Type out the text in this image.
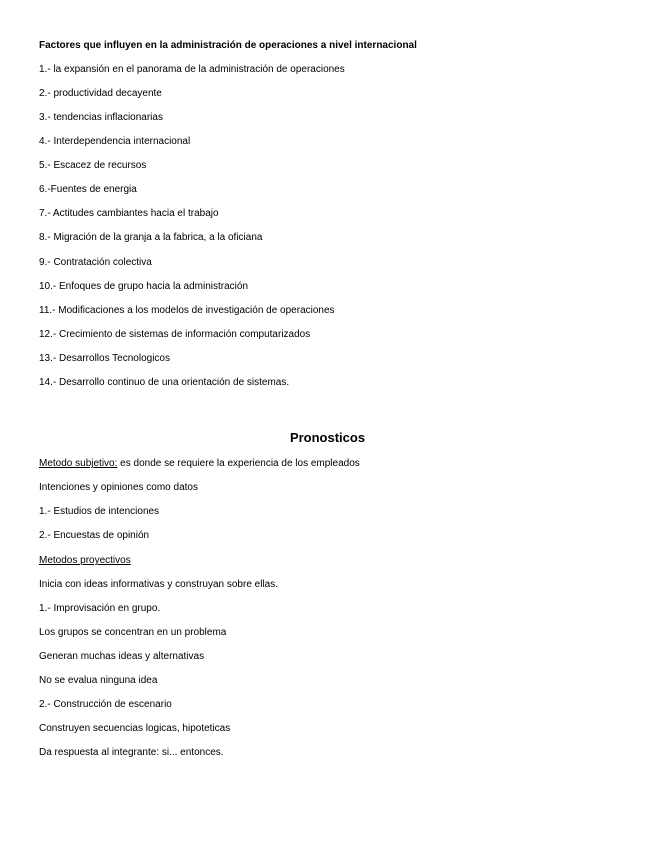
Factores que influyen en la administración de operaciones a nivel internacional
1.- la expansión en el panorama de la administración de operaciones
2.- productividad decayente
3.- tendencias inflacionarias
4.- Interdependencia internacional
5.- Escacez de recursos
6.-Fuentes de energia
7.- Actitudes cambiantes hacia el trabajo
8.- Migración de la granja a la fabrica, a la oficiana
9.- Contratación colectiva
10.- Enfoques de grupo hacia la administración
11.- Modificaciones a los modelos de investigación de operaciones
12.- Crecimiento de sistemas de información computarizados
13.- Desarrollos Tecnologicos
14.- Desarrollo continuo de una orientación de sistemas.
Pronosticos
Metodo subjetivo: es donde se requiere la experiencia de los empleados
Intenciones y opiniones como datos
1.- Estudios de intenciones
2.- Encuestas de opinión
Metodos proyectivos
Inicia con ideas informativas y construyan sobre ellas.
1.- Improvisación en grupo.
Los grupos se concentran en un problema
Generan muchas ideas y alternativas
No se evalua ninguna idea
2.- Construcción de escenario
Construyen secuencias logicas, hipoteticas
Da respuesta al integrante: si... entonces.
